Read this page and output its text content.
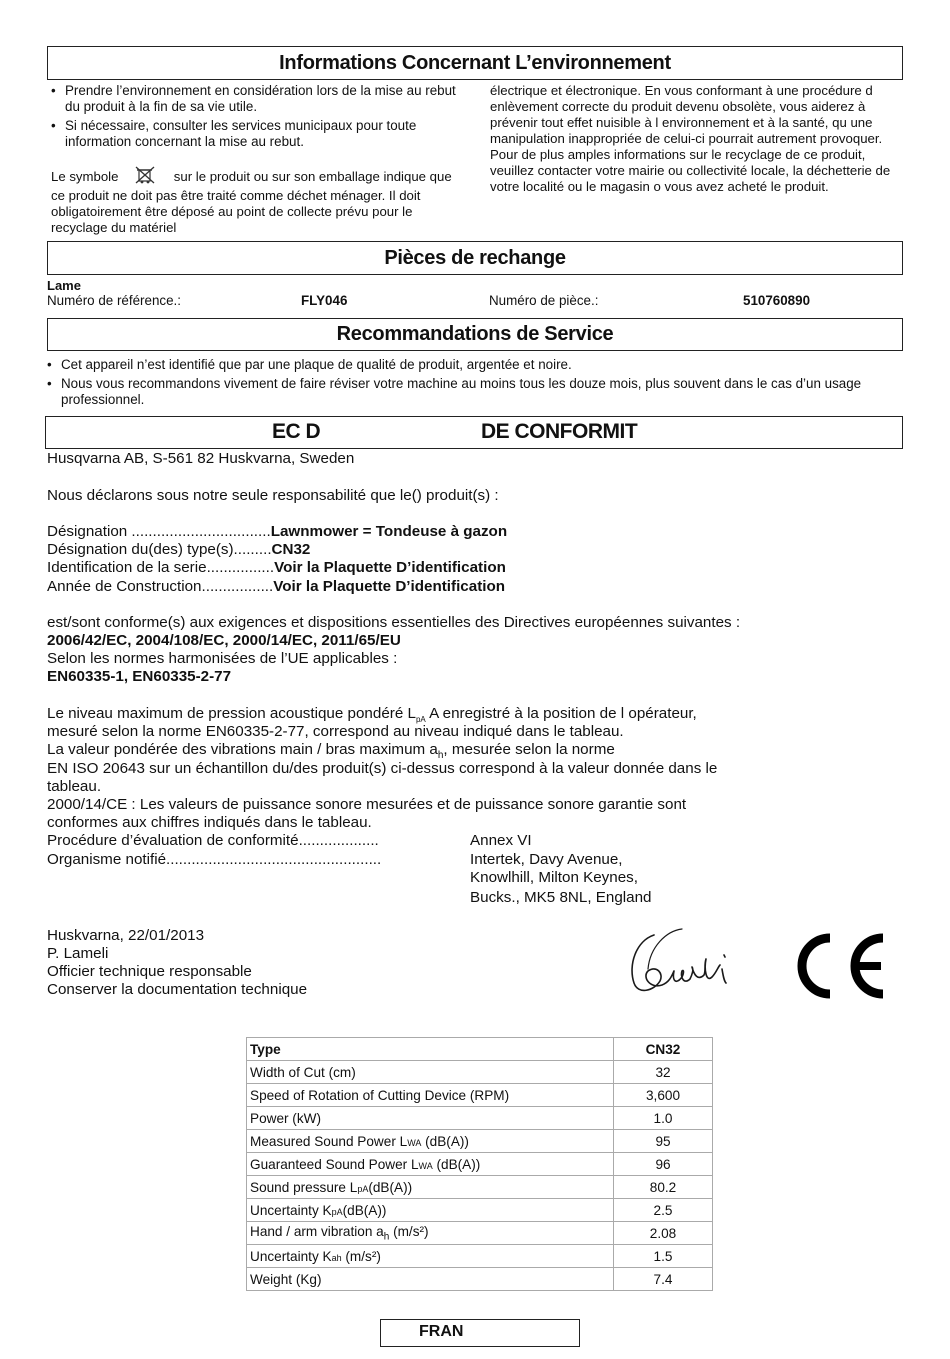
Informations Concernant L’environnement
• Prendre l’environnement en considération lors de la mise au rebut du produit à la fin de sa vie utile.
• Si nécessaire, consulter les services municipaux pour toute information concernant la mise au rebut.
Le symbole	sur le produit ou sur son emballage indique que ce produit ne doit pas être traité comme déchet ménager. Il doit obligatoirement être déposé au point de collecte prévu pour le recyclage du matériel
électrique et électronique. En vous conformant à une procédure d enlèvement correcte du produit devenu obsolète, vous aiderez à prévenir tout effet nuisible à l environnement et à la santé, qu une manipulation inappropriée de celui-ci pourrait autrement provoquer. Pour de plus amples informations sur le recyclage de ce produit, veuillez contacter votre mairie ou collectivité locale, la déchetterie de votre localité ou le magasin o vous avez acheté le produit.
Pièces de rechange
Lame
Numéro de référence.:	FLY046	Numéro de pièce.:	510760890
Recommandations de Service
• Cet appareil n’est identifié que par une plaque de qualité de produit, argentée et noire.
• Nous vous recommandons vivement de faire réviser votre machine au moins tous les douze mois, plus souvent dans le cas d’un usage professionnel.
EC D	DE CONFORMIT
Husqvarna AB, S-561 82 Huskvarna, Sweden
Nous déclarons sous notre seule responsabilité que le() produit(s) :
Désignation .................................Lawnmower = Tondeuse à gazon
Désignation du(des) type(s).........CN32
Identification de la serie................Voir la Plaquette D’identification
Année de Construction.................Voir la Plaquette D’identification
est/sont conforme(s) aux exigences et dispositions essentielles des Directives européennes suivantes :
2006/42/EC, 2004/108/EC, 2000/14/EC, 2011/65/EU
Selon les normes harmonisées de l’UE applicables :
EN60335-1, EN60335-2-77
Le niveau maximum de pression acoustique pondéré $L_{pA}$ A enregistré à la position de l opérateur,
mesuré selon la norme EN60335-2-77, correspond au niveau indiqué dans le tableau.
La valeur pondérée des vibrations main / bras maximum $a_h$, mesurée selon la norme
EN ISO 20643 sur un échantillon du/des produit(s) ci-dessus correspond à la valeur donnée dans le
tableau.
2000/14/CE : Les valeurs de puissance sonore mesurées et de puissance sonore garantie sont
conformes aux chiffres indiqués dans le tableau.
Procédure d’évaluation de conformité...................	Annex VI
Organisme notifié...................................................	Intertek, Davy Avenue,
Knowlhill, Milton Keynes,
Bucks., MK5 8NL, England
Huskvarna, 22/01/2013
P. Lameli
Officier technique responsable
Conserver la documentation technique
Type	CN32
Width of Cut (cm)	32
Speed of Rotation of Cutting Device (RPM)	3,600
Power (kW)	1.0
Measured Sound Power LWA (dB(A))	95
Guaranteed Sound Power LWA (dB(A))	96
Sound pressure LpA(dB(A))	80.2
Uncertainty KpA(dB(A))	2.5
Hand / arm vibration $a_h$ (m/s²)	2.08
Uncertainty Kah (m/s²)	1.5
Weight (Kg)	7.4
FRAN
